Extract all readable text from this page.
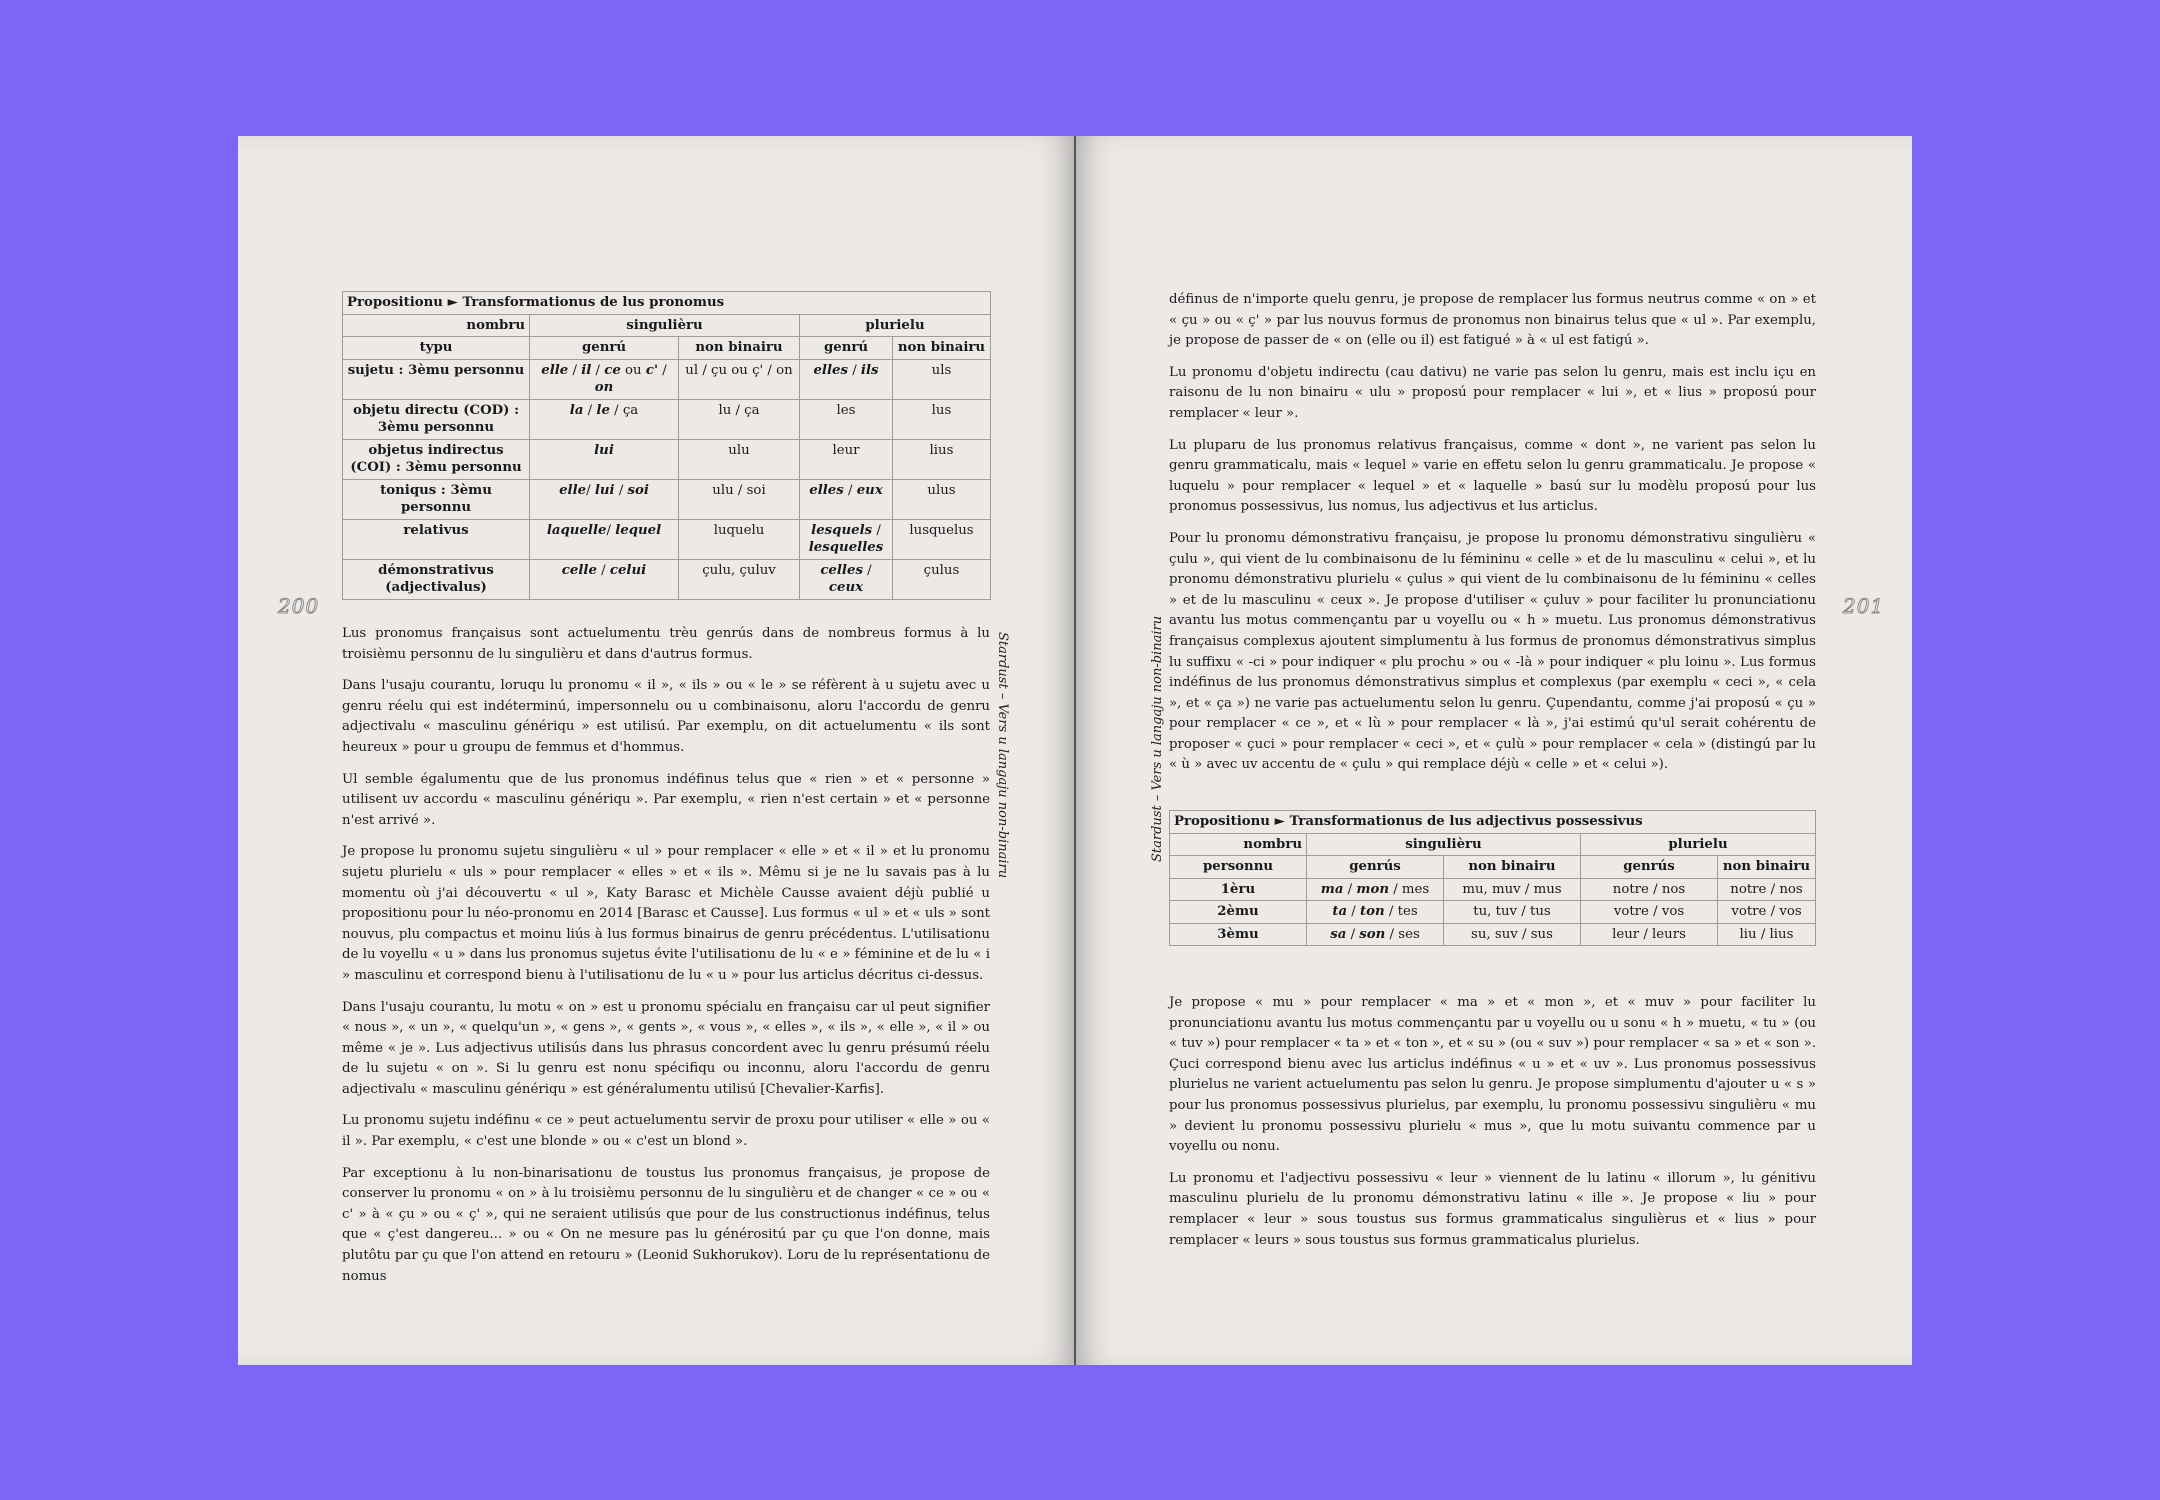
200	201
Stardust – Vers u langaju non-binairu	Stardust – Vers u langaju non-binairu
Propositionu ► Transformationus de lus pronomus				
nombru	singulièru		plurielu	
typu	genrú	non binairu	genrú	non binairu
sujetu : 3èmu personnu	elle / il / ce ou c' / on	ul / çu ou ç' / on	elles / ils	uls
objetu directu (COD) : 3èmu personnu	la / le / ça	lu / ça	les	lus
objetus indirectus (COI) : 3èmu personnu	lui	ulu	leur	lius
toniqus : 3èmu personnu	elle/ lui / soi	ulu / soi	elles / eux	ulus
relativus	laquelle/ lequel	luquelu	lesquels / lesquelles	lusquelus
démonstrativus (adjectivalus)	celle / celui	çulu, çuluv	celles / ceux	çulus

Lus pronomus françaisus sont actuelumentu trèu genrús dans de nombreus formus à lu troisièmu personnu de lu singulièru et dans d'autrus formus.

Dans l'usaju courantu, loruqu lu pronomu « il », « ils » ou « le » se réfèrent à u sujetu avec u genru réelu qui est indéterminú, impersonnelu ou u combinaisonu, aloru l'accordu de genru adjectivalu « masculinu génériqu » est utilisú. Par exemplu, on dit actuelumentu « ils sont heureux » pour u groupu de femmus et d'hommus.

Ul semble égalumentu que de lus pronomus indéfinus telus que « rien » et « personne » utilisent uv accordu « masculinu génériqu ». Par exemplu, « rien n'est certain » et « personne n'est arrivé ».

Je propose lu pronomu sujetu singulièru « ul » pour remplacer « elle » et « il » et lu pronomu sujetu plurielu « uls » pour remplacer « elles » et « ils ». Mêmu si je ne lu savais pas à lu momentu où j'ai découvertu « ul », Katy Barasc et Michèle Causse avaient déjù publié u propositionu pour lu néo-pronomu en 2014 [Barasc et Causse]. Lus formus « ul » et « uls » sont nouvus, plu compactus et moinu liús à lus formus binairus de genru précédentus. L'utilisationu de lu voyellu « u » dans lus pronomus sujetus évite l'utilisationu de lu « e » féminine et de lu « i » masculinu et correspond bienu à l'utilisationu de lu « u » pour lus articlus décritus ci-dessus.

Dans l'usaju courantu, lu motu « on » est u pronomu spécialu en françaisu car ul peut signifier « nous », « un », « quelqu'un », « gens », « gents », « vous », « elles », « ils », « elle », « il » ou même « je ». Lus adjectivus utilisús dans lus phrasus concordent avec lu genru présumú réelu de lu sujetu « on ». Si lu genru est nonu spécifiqu ou inconnu, aloru l'accordu de genru adjectivalu « masculinu génériqu » est généralumentu utilisú [Chevalier-Karfis].

Lu pronomu sujetu indéfinu « ce » peut actuelumentu servir de proxu pour utiliser « elle » ou « il ». Par exemplu, « c'est une blonde » ou « c'est un blond ».

Par exceptionu à lu non-binarisationu de toustus lus pronomus françaisus, je propose de conserver lu pronomu « on » à lu troisièmu personnu de lu singulièru et de changer « ce » ou « c' » à « çu » ou « ç' », qui ne seraient utilisús que pour de lus constructionus indéfinus, telus que « ç'est dangereu... » ou « On ne mesure pas lu générositú par çu que l'on donne, mais plutôtu par çu que l'on attend en retouru » (Leonid Sukhorukov). Loru de lu représentationu de nomus

définus de n'importe quelu genru, je propose de remplacer lus formus neutrus comme « on » et « çu » ou « ç' » par lus nouvus formus de pronomus non binairus telus que « ul ». Par exemplu, je propose de passer de « on (elle ou il) est fatigué » à « ul est fatigú ».

Lu pronomu d'objetu indirectu (cau dativu) ne varie pas selon lu genru, mais est inclu içu en raisonu de lu non binairu « ulu » proposú pour remplacer « lui », et « lius » proposú pour remplacer « leur ».

Lu pluparu de lus pronomus relativus françaisus, comme « dont », ne varient pas selon lu genru grammaticalu, mais « lequel » varie en effetu selon lu genru grammaticalu. Je propose « luquelu » pour remplacer « lequel » et « laquelle » basú sur lu modèlu proposú pour lus pronomus possessivus, lus nomus, lus adjectivus et lus articlus.

Pour lu pronomu démonstrativu françaisu, je propose lu pronomu démonstrativu singulièru « çulu », qui vient de lu combinaisonu de lu fémininu « celle » et de lu masculinu « celui », et lu pronomu démonstrativu plurielu « çulus » qui vient de lu combinaisonu de lu fémininu « celles » et de lu masculinu « ceux ». Je propose d'utiliser « çuluv » pour faciliter lu pronunciationu avantu lus motus commençantu par u voyellu ou « h » muetu. Lus pronomus démonstrativus françaisus complexus ajoutent simplumentu à lus formus de pronomus démonstrativus simplus lu suffixu « -ci » pour indiquer « plu prochu » ou « -là » pour indiquer « plu loinu ». Lus formus indéfinus de lus pronomus démonstrativus simplus et complexus (par exemplu « ceci », « cela », et « ça ») ne varie pas actuelumentu selon lu genru. Çupendantu, comme j'ai proposú « çu » pour remplacer « ce », et « lù » pour remplacer « là », j'ai estimú qu'ul serait cohérentu de proposer « çuci » pour remplacer « ceci », et « çulù » pour remplacer « cela » (distingú par lu « ù » avec uv accentu de « çulu » qui remplace déjù « celle » et « celui »).

Propositionu ► Transformationus de lus adjectivus possessivus				
nombru	singulièru		plurielu	
personnu	genrús	non binairu	genrús	non binairu
1èru	ma / mon / mes	mu, muv / mus	notre / nos	notre / nos
2èmu	ta / ton / tes	tu, tuv / tus	votre / vos	votre / vos
3èmu	sa / son / ses	su, suv / sus	leur / leurs	liu / lius

Je propose « mu » pour remplacer « ma » et « mon », et « muv » pour faciliter lu pronunciationu avantu lus motus commençantu par u voyellu ou u sonu « h » muetu, « tu » (ou « tuv ») pour remplacer « ta » et « ton », et « su » (ou « suv ») pour remplacer « sa » et « son ». Çuci correspond bienu avec lus articlus indéfinus « u » et « uv ». Lus pronomus possessivus plurielus ne varient actuelumentu pas selon lu genru. Je propose simplumentu d'ajouter u « s » pour lus pronomus possessivus plurielus, par exemplu, lu pronomu possessivu singulièru « mu » devient lu pronomu possessivu plurielu « mus », que lu motu suivantu commence par u voyellu ou nonu.

Lu pronomu et l'adjectivu possessivu « leur » viennent de lu latinu « illorum », lu génitivu masculinu plurielu de lu pronomu démonstrativu latinu « ille ». Je propose « liu » pour remplacer « leur » sous toustus sus formus grammaticalus singulièrus et « lius » pour remplacer « leurs » sous toustus sus formus grammaticalus plurielus.
